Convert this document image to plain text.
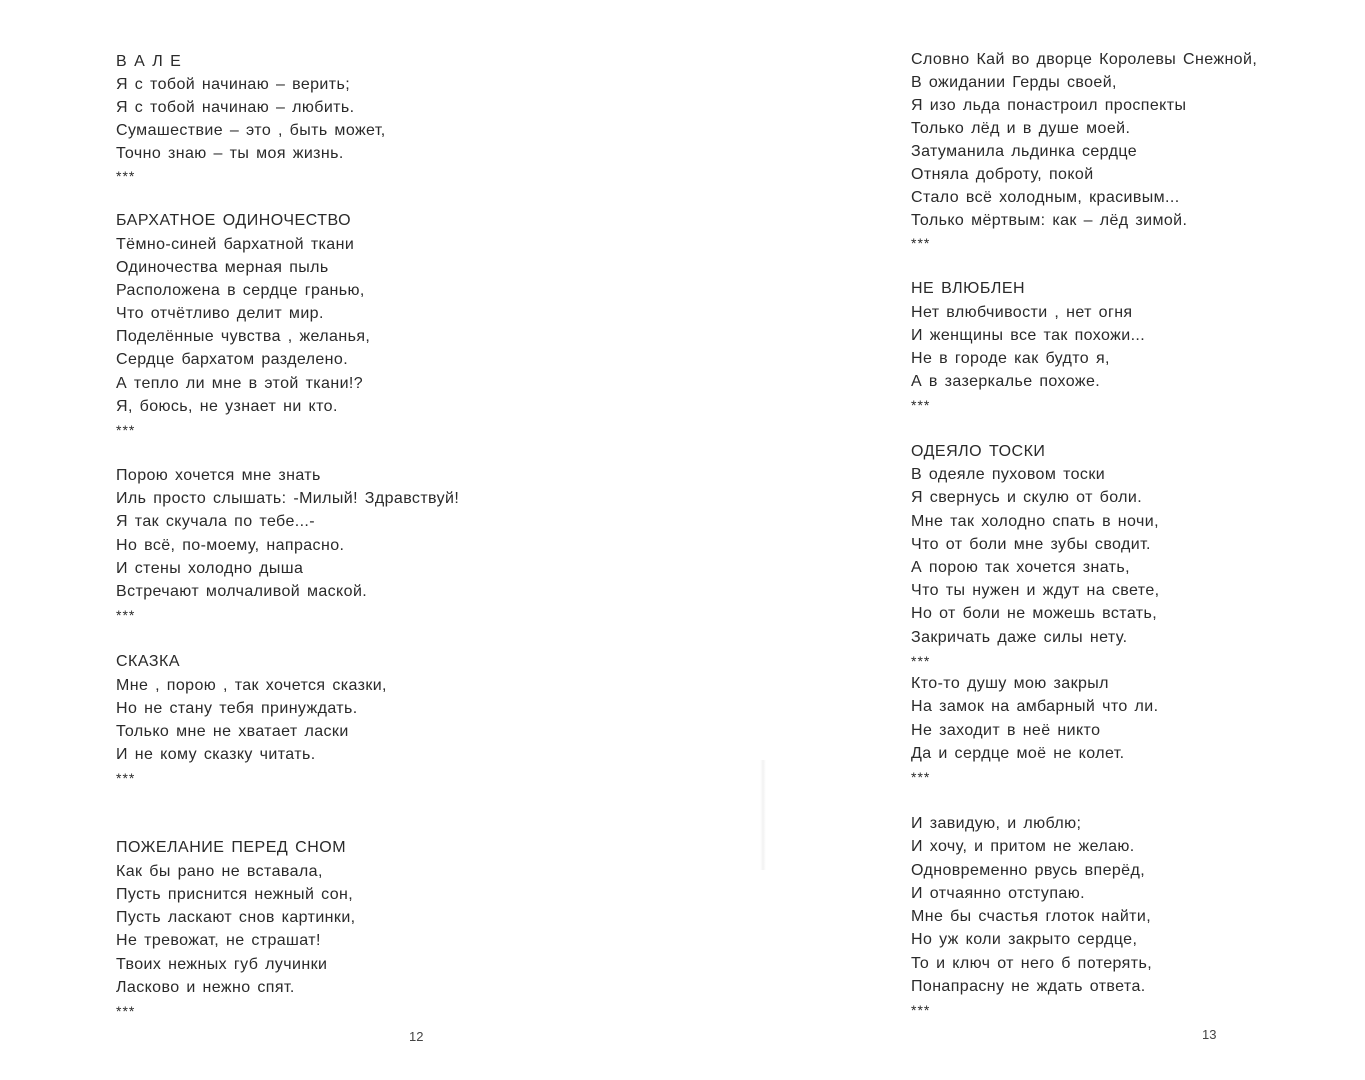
В А Л Е
Я с тобой начинаю – верить;
Я с тобой начинаю – любить.
Сумашествие – это , быть может,
Точно знаю – ты моя жизнь.
***
БАРХАТНОЕ ОДИНОЧЕСТВО
Тёмно-синей бархатной ткани
Одиночества мерная пыль
Расположена в сердце гранью,
Что отчётливо делит мир.
Поделённые чувства , желанья,
Сердце бархатом разделено.
А тепло ли мне в этой ткани!?
Я, боюсь, не узнает ни кто.
***
Порою хочется мне знать
Иль просто слышать: -Милый! Здравствуй!
Я так скучала по тебе...-
Но всё, по-моему, напрасно.
И стены холодно дыша
Встречают молчаливой маской.
***
СКАЗКА
Мне , порою , так хочется сказки,
Но не стану тебя принуждать.
Только мне не хватает ласки
И не кому сказку читать.
***
ПОЖЕЛАНИЕ ПЕРЕД СНОМ
Как бы рано не вставала,
Пусть приснится нежный сон,
Пусть ласкают снов картинки,
Не тревожат, не страшат!
Твоих нежных губ лучинки
Ласково и нежно спят.
***
Словно Кай во дворце Королевы Снежной,
В ожидании Герды своей,
Я изо льда понастроил проспекты
Только лёд и в душе моей.
Затуманила льдинка сердце
Отняла доброту, покой
Стало всё холодным, красивым...
Только мёртвым: как – лёд зимой.
***
НЕ ВЛЮБЛЕН
Нет влюбчивости , нет огня
И женщины все так похожи...
Не в городе как будто я,
А в зазеркалье похоже.
***
ОДЕЯЛО ТОСКИ
В одеяле пуховом тоски
Я свернусь и скулю от боли.
Мне так холодно спать в ночи,
Что от боли мне зубы сводит.
А порою так хочется знать,
Что ты нужен и ждут на свете,
Но от боли не можешь встать,
Закричать даже силы нету.
***
Кто-то душу мою закрыл
На замок на амбарный что ли.
Не заходит в неё никто
Да и сердце моё не колет.
***
И завидую, и люблю;
И хочу, и притом не желаю.
Одновременно рвусь вперёд,
И отчаянно отступаю.
Мне бы счастья глоток найти,
Но уж коли закрыто сердце,
То и ключ от него б потерять,
Понапрасну не ждать ответа.
***
12	13
